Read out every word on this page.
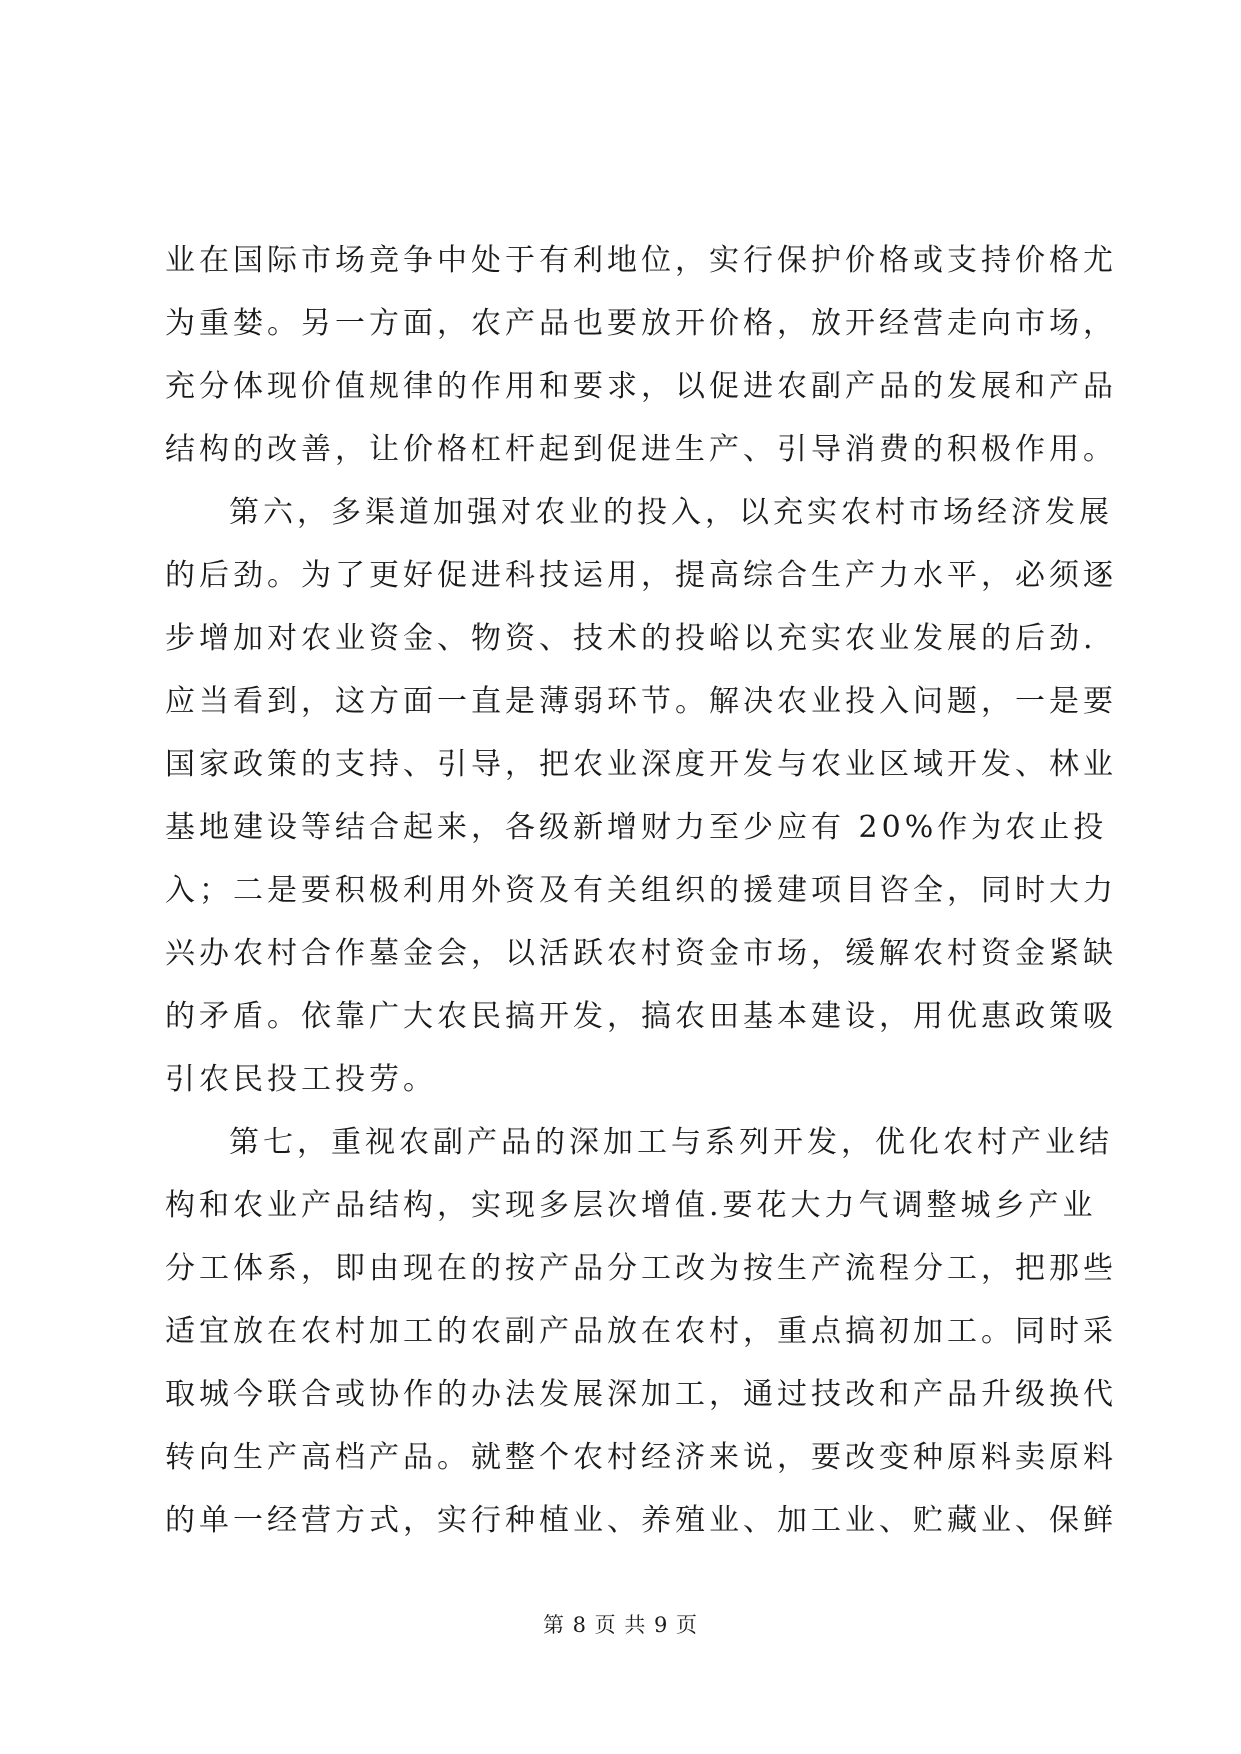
业在国际市场竞争中处于有利地位，实行保护价格或支持价格尤
为重婪。另一方面，农产品也要放开价格，放开经营走向市场，
充分体现价值规律的作用和要求，以促进农副产品的发展和产品
结构的改善，让价格杠杆起到促进生产、引导消费的积极作用。
第六，多渠道加强对农业的投入，以充实农村市场经济发展
的后劲。为了更好促进科技运用，提高综合生产力水平，必须逐
步增加对农业资金、物资、技术的投峪以充实农业发展的后劲.
应当看到，这方面一直是薄弱环节。解决农业投入问题，一是要
国家政策的支持、引导，把农业深度开发与农业区域开发、林业
基地建设等结合起来，各级新增财力至少应有 20%作为农止投
入；二是要积极利用外资及有关组织的援建项目咨全，同时大力
兴办农村合作墓金会，以活跃农村资金市场，缓解农村资金紧缺
的矛盾。依靠广大农民搞开发，搞农田基本建设，用优惠政策吸
引农民投工投劳。
第七，重视农副产品的深加工与系列开发，优化农村产业结
构和农业产品结构，实现多层次增值.要花大力气调整城乡产业
分工体系，即由现在的按产品分工改为按生产流程分工，把那些
适宜放在农村加工的农副产品放在农村，重点搞初加工。同时采
取城今联合或协作的办法发展深加工，通过技改和产品升级换代
转向生产高档产品。就整个农村经济来说，要改变种原料卖原料
的单一经营方式，实行种植业、养殖业、加工业、贮藏业、保鲜
第 8 页 共 9 页
